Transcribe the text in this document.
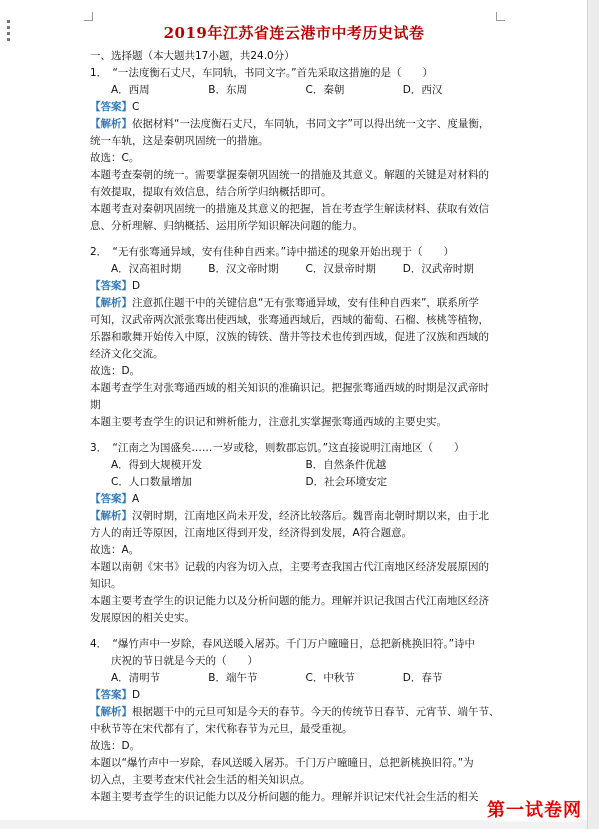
2019年江苏省连云港市中考历史试卷
一、选择题（本大题共17小题，共24.0分）
1．　“一法度衡石丈尺，车同轨，书同文字。”首先采取这措施的是（　　）
A．西周	B．东周	C．秦朝	D．西汉
【答案】C
【解析】依据材料“一法度衡石丈尺，车同轨，书同文字”可以得出统一文字、度量衡，
统一车轨，这是秦朝巩固统一的措施。
故选：C。
本题考查秦朝的统一。需要掌握秦朝巩固统一的措施及其意义。解题的关键是对材料的
有效提取，提取有效信息，结合所学归纳概括即可。
本题考查对秦朝巩固统一的措施及其意义的把握，旨在考查学生解读材料、获取有效信
息、分析理解、归纳概括、运用所学知识解决问题的能力。
2．　“无有张骞通异域，安有佳种自西来。”诗中描述的现象开始出现于（　　）
A．汉高祖时期	B．汉文帝时期	C．汉景帝时期	D．汉武帝时期
【答案】D
【解析】注意抓住题干中的关键信息“无有张骞通异域，安有佳种自西来”，联系所学
可知，汉武帝两次派张骞出使西域，张骞通西域后，西域的葡萄、石榴、核桃等植物，
乐器和歌舞开始传入中原，汉族的铸铁、凿井等技术也传到西域，促进了汉族和西域的
经济文化交流。
故选：D。
本题考查学生对张骞通西域的相关知识的准确识记。把握张骞通西域的时期是汉武帝时
期
本题主要考查学生的识记和辨析能力，注意扎实掌握张骞通西域的主要史实。
3．　“江南之为国盛矣……一岁或稔，则数郡忘饥。”这直接说明江南地区（　　）
A．得到大规模开发	B．自然条件优越
C．人口数量增加	D．社会环境安定
【答案】A
【解析】汉朝时期，江南地区尚未开发，经济比较落后。魏晋南北朝时期以来，由于北
方人的南迁等原因，江南地区得到开发，经济得到发展，A符合题意。
故选：A。
本题以南朝《宋书》记载的内容为切入点，主要考查我国古代江南地区经济发展原因的
知识。
本题主要考查学生的识记能力以及分析问题的能力。理解并识记我国古代江南地区经济
发展原因的相关史实。
4．　“爆竹声中一岁除，春风送暖入屠苏。千门万户曈曈日，总把新桃换旧符。”诗中
庆祝的节日就是今天的（　　）
A．清明节	B．端午节	C．中秋节	D．春节
【答案】D
【解析】根据题干中的元旦可知是今天的春节。今天的传统节日春节、元宵节、端午节、
中秋节等在宋代都有了，宋代称春节为元旦，最受重视。
故选：D。
本题以“爆竹声中一岁除，春风送暖入屠苏。千门万户曈曈日，总把新桃换旧符。”为
切入点，主要考查宋代社会生活的相关知识点。
本题主要考查学生的识记能力以及分析问题的能力。理解并识记宋代社会生活的相关
第一试卷网
